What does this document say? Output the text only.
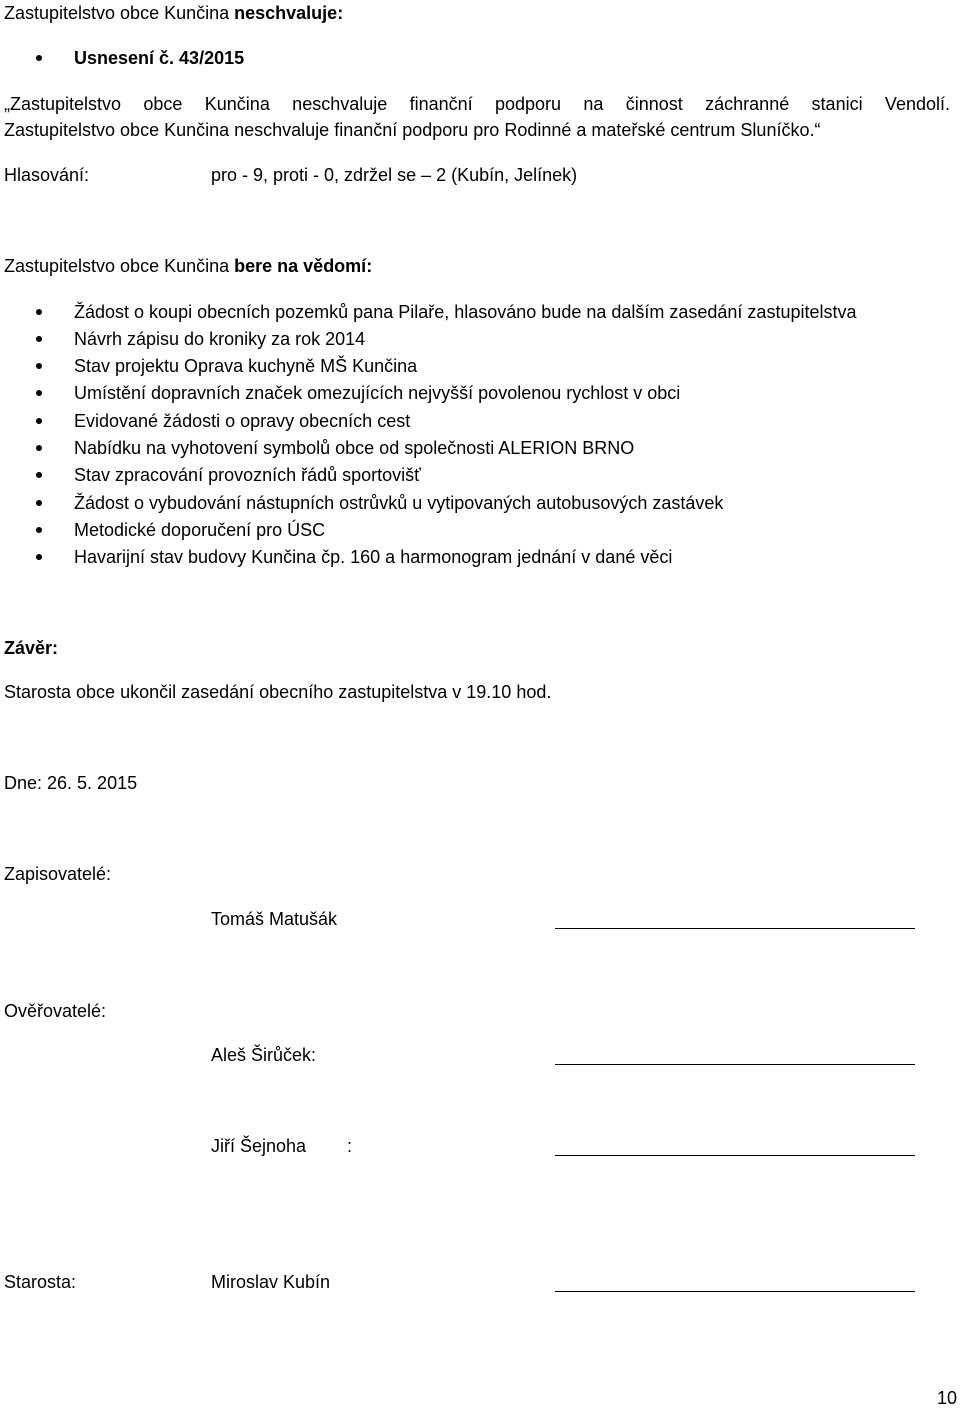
Zastupitelstvo obce Kunčina neschvaluje:
Usnesení č. 43/2015
„Zastupitelstvo obce Kunčina neschvaluje finanční podporu na činnost záchranné stanici Vendolí.
Zastupitelstvo obce Kunčina neschvaluje finanční podporu pro Rodinné a mateřské centrum Sluníčko.“
Hlasování:	pro - 9, proti - 0, zdržel se – 2 (Kubín, Jelínek)
Zastupitelstvo obce Kunčina bere na vědomí:
Žádost o koupi obecních pozemků pana Pilaře, hlasováno bude na dalším zasedání zastupitelstva
Návrh zápisu do kroniky za rok 2014
Stav projektu Oprava kuchyně MŠ Kunčina
Umístění dopravních značek omezujících nejvyšší povolenou rychlost v obci
Evidované žádosti o opravy obecních cest
Nabídku na vyhotovení symbolů obce od společnosti ALERION BRNO
Stav zpracování provozních řádů sportovišť
Žádost o vybudování nástupních ostrůvků u vytipovaných autobusových zastávek
Metodické doporučení pro ÚSC
Havarijní stav budovy Kunčina čp. 160 a harmonogram jednání v dané věci
Závěr:
Starosta obce ukončil zasedání obecního zastupitelstva v 19.10 hod.
Dne: 26. 5. 2015
Zapisovatelé:
Tomáš Matušák
Ověřovatelé:
Aleš Širůček:
Jiří Šejnoha :
Starosta:	Miroslav Kubín
10
